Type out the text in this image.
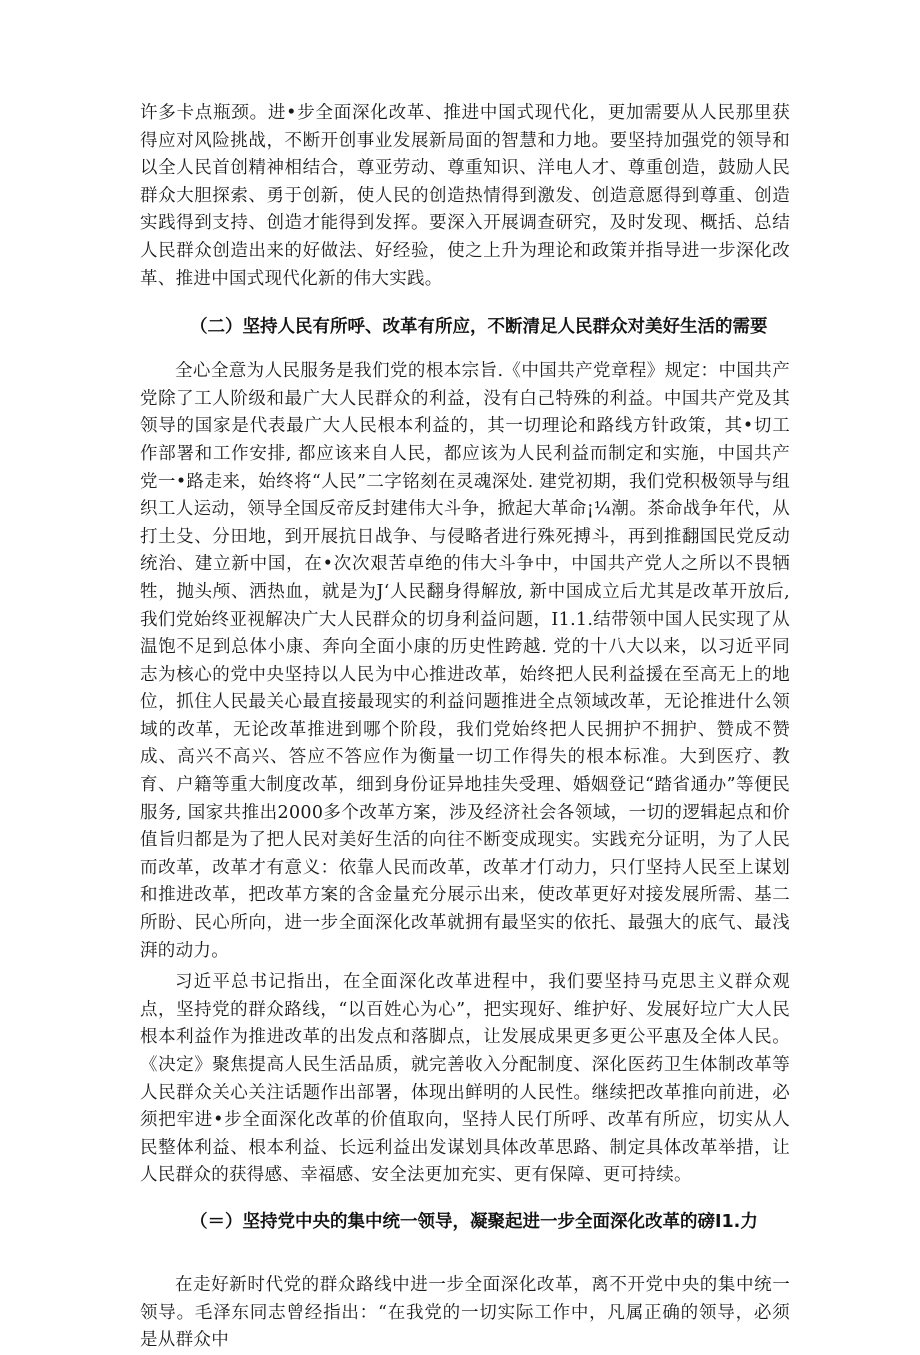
许多卡点瓶颈。进•步全面深化改革、推进中国式现代化，更加需要从人民那里获得应对风险挑战，不断开创事业发展新局面的智慧和力地。要坚持加强党的领导和以全人民首创精神相结合，尊亚劳动、尊重知识、洋电人才、尊重创造，鼓励人民群众大胆探索、勇于创新，使人民的创造热情得到激发、创造意愿得到尊重、创造实践得到支持、创造才能得到发挥。要深入开展调查研究，及时发现、概括、总结人民群众创造出来的好做法、好经验，使之上升为理论和政策并指导进一步深化改革、推进中国式现代化新的伟大实践。

（二）坚持人民有所呼、改革有所应，不断清足人民群众对美好生活的需要

全心全意为人民服务是我们党的根本宗旨.《中国共产党章程》规定：中国共产党除了工人阶级和最广大人民群众的利益，没有白己特殊的利益。中国共产党及其领导的国家是代表最广大人民根本利益的，其一切理论和路线方针政策，其•切工作部署和工作安排, 都应该来自人民，都应该为人民利益而制定和实施，中国共产党一•路走来，始终将“人民”二字铭刻在灵魂深处. 建党初期，我们党积极领导与组织工人运动，领导全国反帝反封建伟大斗争，掀起大革命¡¼潮。茶命战争年代，从打土殳、分田地，到开展抗日战争、与侵略者进行殊死搏斗，再到推翻国民党反动统治、建立新中国，在•次次艰苦卓绝的伟大斗争中，中国共产党人之所以不畏牺牲，抛头颅、洒热血，就是为J‘人民翻身得解放, 新中国成立后尤其是改革开放后, 我们党始终亚视解决广大人民群众的切身利益问题，I1.1.结带领中国人民实现了从温饱不足到总体小康、奔向全面小康的历史性跨越. 党的十八大以来，以习近平同志为核心的党中央坚持以人民为中心推进改革，始终把人民利益援在至高无上的地位，抓住人民最关心最直接最现实的利益问题推进全点领域改革，无论推进什么领域的改革，无论改革推进到哪个阶段，我们党始终把人民拥护不拥护、赞成不赞成、高兴不高兴、答应不答应作为衡量一切工作得失的根本标准。大到医疗、教育、户籍等重大制度改革，细到身份证异地挂失受理、婚姻登记“踏省通办”等便民服务, 国家共推出2000多个改革方案，涉及经济社会各领域，一切的逻辑起点和价值旨归都是为了把人民对美好生活的向往不断变成现实。实践充分证明，为了人民而改革，改革才有意义：依靠人民而改革，改革才仃动力，只仃坚持人民至上谋划和推进改革，把改革方案的含金量充分展示出来，使改革更好对接发展所需、基二所盼、民心所向，进一步全面深化改革就拥有最坚实的依托、最强大的底气、最浅湃的动力。

习近平总书记指出，在全面深化改革进程中，我们要坚持马克思主义群众观点，坚持党的群众路线，“以百姓心为心”，把实现好、维护好、发展好垃广大人民根本利益作为推进改革的出发点和落脚点，让发展成果更多更公平惠及全体人民。《决定》聚焦提高人民生活品质，就完善收入分配制度、深化医药卫生体制改革等人民群众关心关注话题作出部署，体现出鲜明的人民性。继续把改革推向前进，必须把牢进•步全面深化改革的价值取向，坚持人民仃所呼、改革有所应，切实从人民整体利益、根本利益、长远利益出发谋划具体改革思路、制定具体改革举措，让人民群众的获得感、幸福感、安全法更加充实、更有保障、更可持续。

（＝）坚持党中央的集中统一领导，凝聚起进一步全面深化改革的磅I1.力

在走好新时代党的群众路线中进一步全面深化改革，离不开党中央的集中统一领导。毛泽东同志曾经指出：“在我党的一切实际工作中，凡属正确的领导，必须是从群众中
